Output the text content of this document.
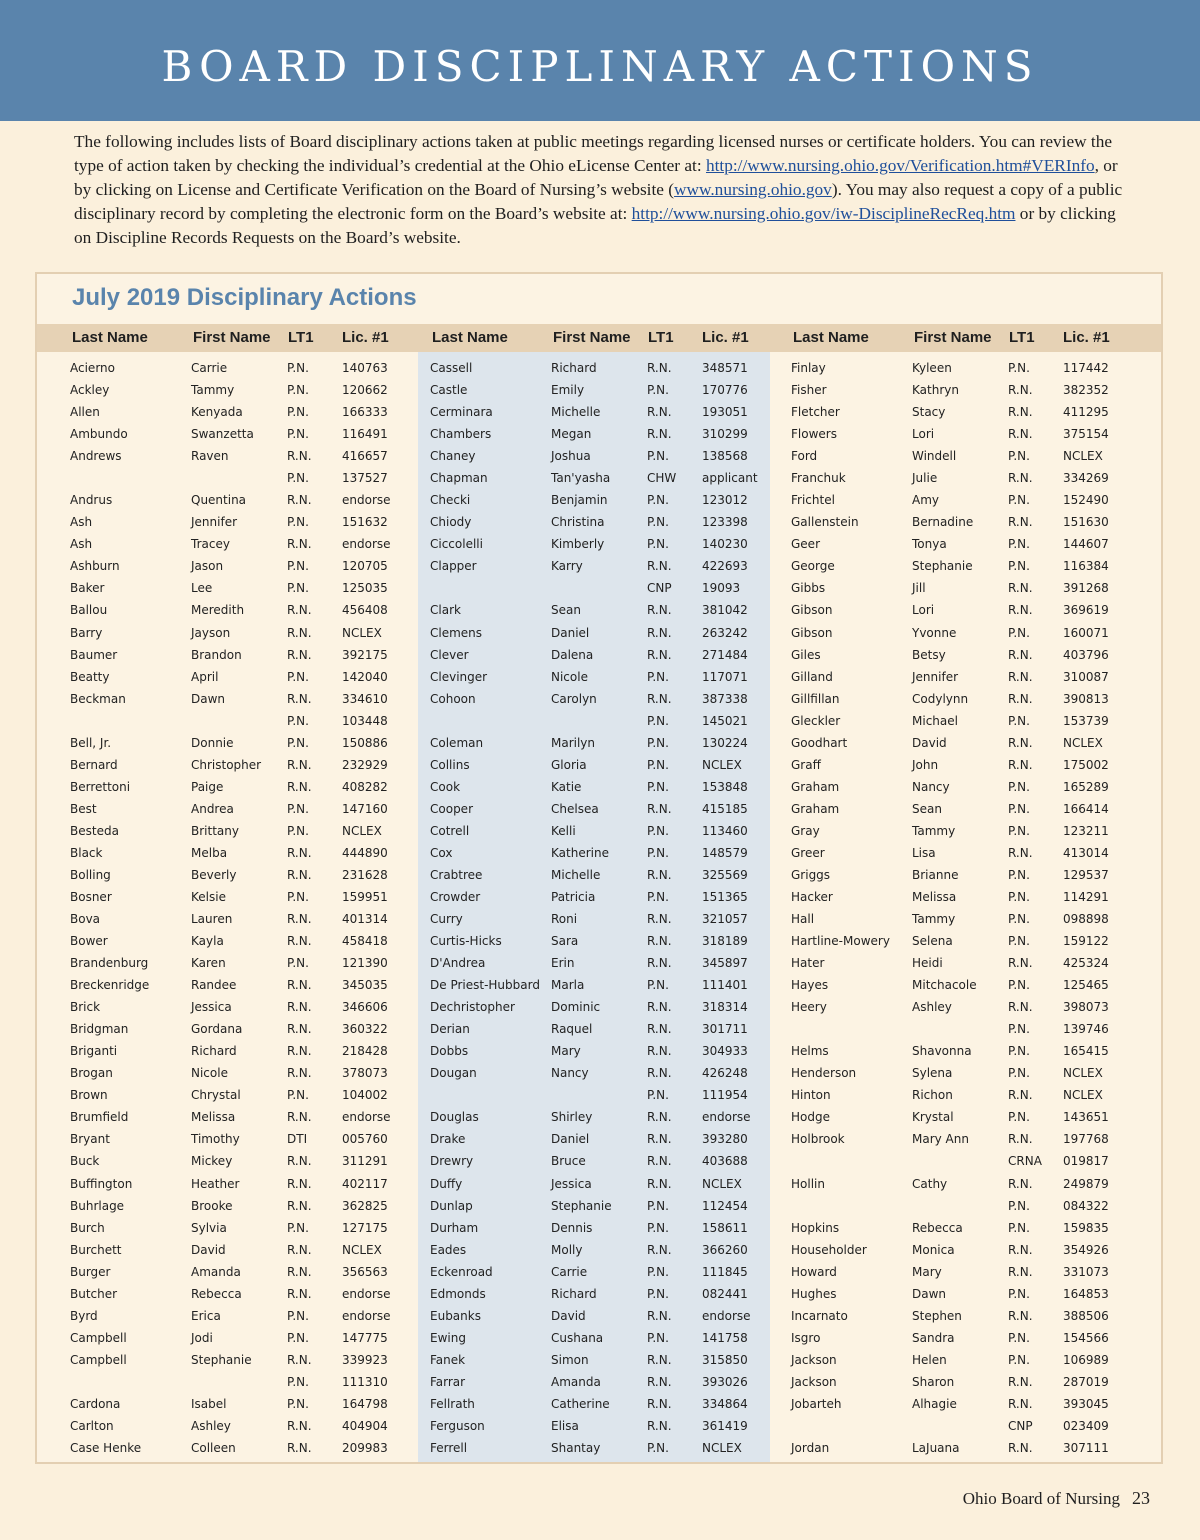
BOARD DISCIPLINARY ACTIONS
The following includes lists of Board disciplinary actions taken at public meetings regarding licensed nurses or certificate holders. You can review the type of action taken by checking the individual’s credential at the Ohio eLicense Center at: http://www.nursing.ohio.gov/Verification.htm#VERInfo, or by clicking on License and Certificate Verification on the Board of Nursing’s website (www.nursing.ohio.gov). You may also request a copy of a public disciplinary record by completing the electronic form on the Board’s website at: http://www.nursing.ohio.gov/iw-DisciplineRecReq.htm or by clicking on Discipline Records Requests on the Board’s website.
July 2019 Disciplinary Actions
Last Name	First Name LT1 Lic. #1	Last Name	First Name LT1 Lic. #1	Last Name	First Name LT1 Lic. #1
Acierno	Carrie	P.N.	140763
Ackley	Tammy	P.N.	120662
Allen	Kenyada	P.N.	166333
Ambundo	Swanzetta	P.N.	116491
Andrews	Raven	R.N.	416657
P.N.	137527
Andrus	Quentina	R.N.	endorse
Ash	Jennifer	P.N.	151632
Ash	Tracey	R.N.	endorse
Ashburn	Jason	P.N.	120705
Baker	Lee	P.N.	125035
Ballou	Meredith	R.N.	456408
Barry	Jayson	R.N.	NCLEX
Baumer	Brandon	R.N.	392175
Beatty	April	P.N.	142040
Beckman	Dawn	R.N.	334610
P.N.	103448
Bell, Jr.	Donnie	P.N.	150886
Bernard	Christopher R.N.	232929
Berrettoni	Paige	R.N.	408282
Best	Andrea	P.N.	147160
Besteda	Brittany	P.N.	NCLEX
Black	Melba	R.N.	444890
Bolling	Beverly	R.N.	231628
Bosner	Kelsie	P.N.	159951
Bova	Lauren	R.N.	401314
Bower	Kayla	R.N.	458418
Brandenburg	Karen	P.N.	121390
Breckenridge	Randee	R.N.	345035
Brick	Jessica	R.N.	346606
Bridgman	Gordana	R.N.	360322
Briganti	Richard	R.N.	218428
Brogan	Nicole	R.N.	378073
Brown	Chrystal	P.N.	104002
Brumfield	Melissa	R.N.	endorse
Bryant	Timothy	DTI	005760
Buck	Mickey	R.N.	311291
Buffington	Heather	R.N.	402117
Buhrlage	Brooke	R.N.	362825
Burch	Sylvia	P.N.	127175
Burchett	David	R.N.	NCLEX
Burger	Amanda	R.N.	356563
Butcher	Rebecca	R.N.	endorse
Byrd	Erica	P.N.	endorse
Campbell	Jodi	P.N.	147775
Campbell	Stephanie	R.N.	339923
P.N.	111310
Cardona	Isabel	P.N.	164798
Carlton	Ashley	R.N.	404904
Case Henke	Colleen	R.N.	209983
Cassell	Richard	R.N.	348571
Castle	Emily	P.N.	170776
Cerminara	Michelle	R.N.	193051
Chambers	Megan	R.N.	310299
Chaney	Joshua	P.N.	138568
Chapman	Tan'yasha	CHW applicant
Checki	Benjamin	P.N.	123012
Chiody	Christina	P.N.	123398
Ciccolelli	Kimberly	P.N.	140230
Clapper	Karry	R.N.	422693
CNP	19093
Clark	Sean	R.N.	381042
Clemens	Daniel	R.N.	263242
Clever	Dalena	R.N.	271484
Clevinger	Nicole	P.N.	117071
Cohoon	Carolyn	R.N.	387338
P.N.	145021
Coleman	Marilyn	P.N.	130224
Collins	Gloria	P.N.	NCLEX
Cook	Katie	P.N.	153848
Cooper	Chelsea	R.N.	415185
Cotrell	Kelli	P.N.	113460
Cox	Katherine	P.N.	148579
Crabtree	Michelle	R.N.	325569
Crowder	Patricia	P.N.	151365
Curry	Roni	R.N.	321057
Curtis-Hicks	Sara	R.N.	318189
D'Andrea	Erin	R.N.	345897
De Priest-Hubbard Marla	P.N.	111401
Dechristopher	Dominic	R.N.	318314
Derian	Raquel	R.N.	301711
Dobbs	Mary	R.N.	304933
Dougan	Nancy	R.N.	426248
P.N.	111954
Douglas	Shirley	R.N.	endorse
Drake	Daniel	R.N.	393280
Drewry	Bruce	R.N.	403688
Duffy	Jessica	R.N.	NCLEX
Dunlap	Stephanie	P.N.	112454
Durham	Dennis	P.N.	158611
Eades	Molly	R.N.	366260
Eckenroad	Carrie	P.N.	111845
Edmonds	Richard	P.N.	082441
Eubanks	David	R.N.	endorse
Ewing	Cushana	P.N.	141758
Fanek	Simon	R.N.	315850
Farrar	Amanda	R.N.	393026
Fellrath	Catherine	R.N.	334864
Ferguson	Elisa	R.N.	361419
Ferrell	Shantay	P.N.	NCLEX
Finlay	Kyleen	P.N.	117442
Fisher	Kathryn	R.N.	382352
Fletcher	Stacy	R.N.	411295
Flowers	Lori	R.N.	375154
Ford	Windell	P.N.	NCLEX
Franchuk	Julie	R.N.	334269
Frichtel	Amy	P.N.	152490
Gallenstein	Bernadine	R.N.	151630
Geer	Tonya	P.N.	144607
George	Stephanie	P.N.	116384
Gibbs	Jill	R.N.	391268
Gibson	Lori	R.N.	369619
Gibson	Yvonne	P.N.	160071
Giles	Betsy	R.N.	403796
Gilland	Jennifer	R.N.	310087
Gillfillan	Codylynn	R.N.	390813
Gleckler	Michael	P.N.	153739
Goodhart	David	R.N.	NCLEX
Graff	John	R.N.	175002
Graham	Nancy	P.N.	165289
Graham	Sean	P.N.	166414
Gray	Tammy	P.N.	123211
Greer	Lisa	R.N.	413014
Griggs	Brianne	P.N.	129537
Hacker	Melissa	P.N.	114291
Hall	Tammy	P.N.	098898
Hartline-Mowery Selena	P.N.	159122
Hater	Heidi	R.N.	425324
Hayes	Mitchacole	P.N.	125465
Heery	Ashley	R.N.	398073
P.N.	139746
Helms	Shavonna	P.N.	165415
Henderson	Sylena	P.N.	NCLEX
Hinton	Richon	R.N.	NCLEX
Hodge	Krystal	P.N.	143651
Holbrook	Mary Ann	R.N.	197768
CRNA 019817
Hollin	Cathy	R.N.	249879
P.N.	084322
Hopkins	Rebecca	P.N.	159835
Householder	Monica	R.N.	354926
Howard	Mary	R.N.	331073
Hughes	Dawn	P.N.	164853
Incarnato	Stephen	R.N.	388506
Isgro	Sandra	P.N.	154566
Jackson	Helen	P.N.	106989
Jackson	Sharon	R.N.	287019
Jobarteh	Alhagie	R.N.	393045
CNP	023409
Jordan	LaJuana	R.N.	307111
Ohio Board of Nursing 23
